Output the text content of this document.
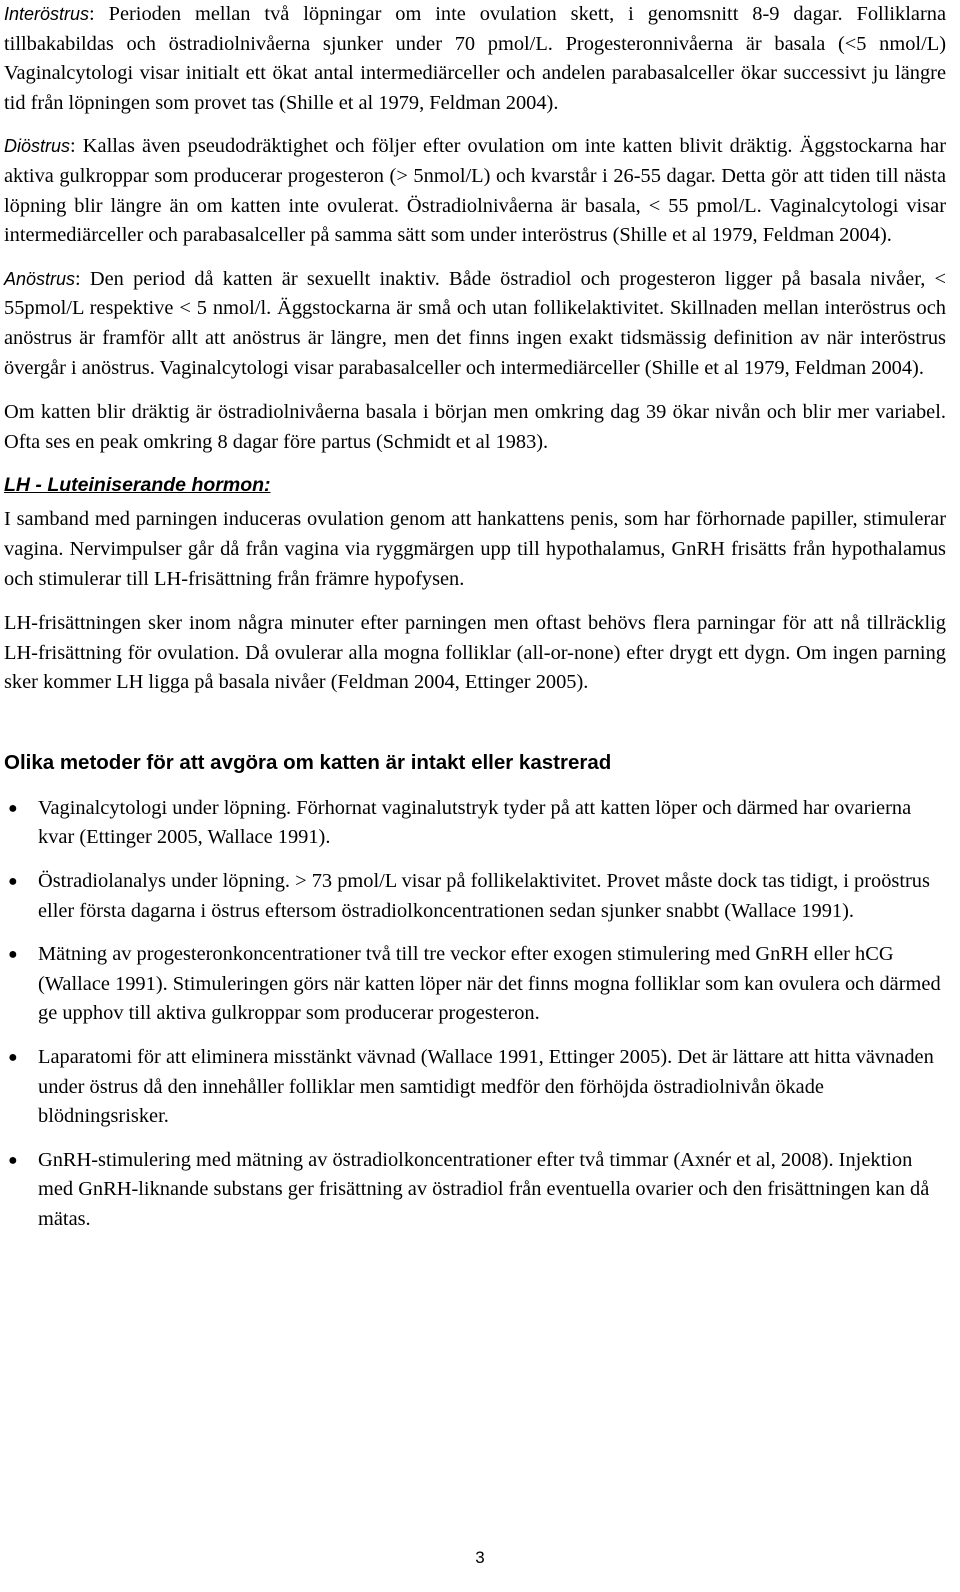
Interöstrus: Perioden mellan två löpningar om inte ovulation skett, i genomsnitt 8-9 dagar. Folliklarna tillbakabildas och östradiolnivåerna sjunker under 70 pmol/L. Progesteronnivåerna är basala (<5 nmol/L) Vaginalcytologi visar initialt ett ökat antal intermediärceller och andelen parabasalceller ökar successivt ju längre tid från löpningen som provet tas (Shille et al 1979, Feldman 2004).

Diöstrus: Kallas även pseudodräktighet och följer efter ovulation om inte katten blivit dräktig. Äggstockarna har aktiva gulkroppar som producerar progesteron (> 5nmol/L) och kvarstår i 26-55 dagar. Detta gör att tiden till nästa löpning blir längre än om katten inte ovulerat. Östradiolnivåerna är basala, < 55 pmol/L. Vaginalcytologi visar intermediärceller och parabasalceller på samma sätt som under interöstrus (Shille et al 1979, Feldman 2004).

Anöstrus: Den period då katten är sexuellt inaktiv. Både östradiol och progesteron ligger på basala nivåer, < 55pmol/L respektive < 5 nmol/l. Äggstockarna är små och utan follikelaktivitet. Skillnaden mellan interöstrus och anöstrus är framför allt att anöstrus är längre, men det finns ingen exakt tidsmässig definition av när interöstrus övergår i anöstrus. Vaginalcytologi visar parabasalceller och intermediärceller (Shille et al 1979, Feldman 2004).

Om katten blir dräktig är östradiolnivåerna basala i början men omkring dag 39 ökar nivån och blir mer variabel. Ofta ses en peak omkring 8 dagar före partus (Schmidt et al 1983).

LH - Luteiniserande hormon:

I samband med parningen induceras ovulation genom att hankattens penis, som har förhornade papiller, stimulerar vagina. Nervimpulser går då från vagina via ryggmärgen upp till hypothalamus, GnRH frisätts från hypothalamus och stimulerar till LH-frisättning från främre hypofysen.

LH-frisättningen sker inom några minuter efter parningen men oftast behövs flera parningar för att nå tillräcklig LH-frisättning för ovulation. Då ovulerar alla mogna folliklar (all-or-none) efter drygt ett dygn. Om ingen parning sker kommer LH ligga på basala nivåer (Feldman 2004, Ettinger 2005).

Olika metoder för att avgöra om katten är intakt eller kastrerad
● Vaginalcytologi under löpning. Förhornat vaginalutstryk tyder på att katten löper och därmed har ovarierna kvar (Ettinger 2005, Wallace 1991).
● Östradiolanalys under löpning. > 73 pmol/L visar på follikelaktivitet. Provet måste dock tas tidigt, i proöstrus eller första dagarna i östrus eftersom östradiolkoncentrationen sedan sjunker snabbt (Wallace 1991).
● Mätning av progesteronkoncentrationer två till tre veckor efter exogen stimulering med GnRH eller hCG (Wallace 1991). Stimuleringen görs när katten löper när det finns mogna folliklar som kan ovulera och därmed ge upphov till aktiva gulkroppar som producerar progesteron.
● Laparatomi för att eliminera misstänkt vävnad (Wallace 1991, Ettinger 2005). Det är lättare att hitta vävnaden under östrus då den innehåller folliklar men samtidigt medför den förhöjda östradiolnivån ökade blödningsrisker.
● GnRH-stimulering med mätning av östradiolkoncentrationer efter två timmar (Axnér et al, 2008). Injektion med GnRH-liknande substans ger frisättning av östradiol från eventuella ovarier och den frisättningen kan då mätas.
3
